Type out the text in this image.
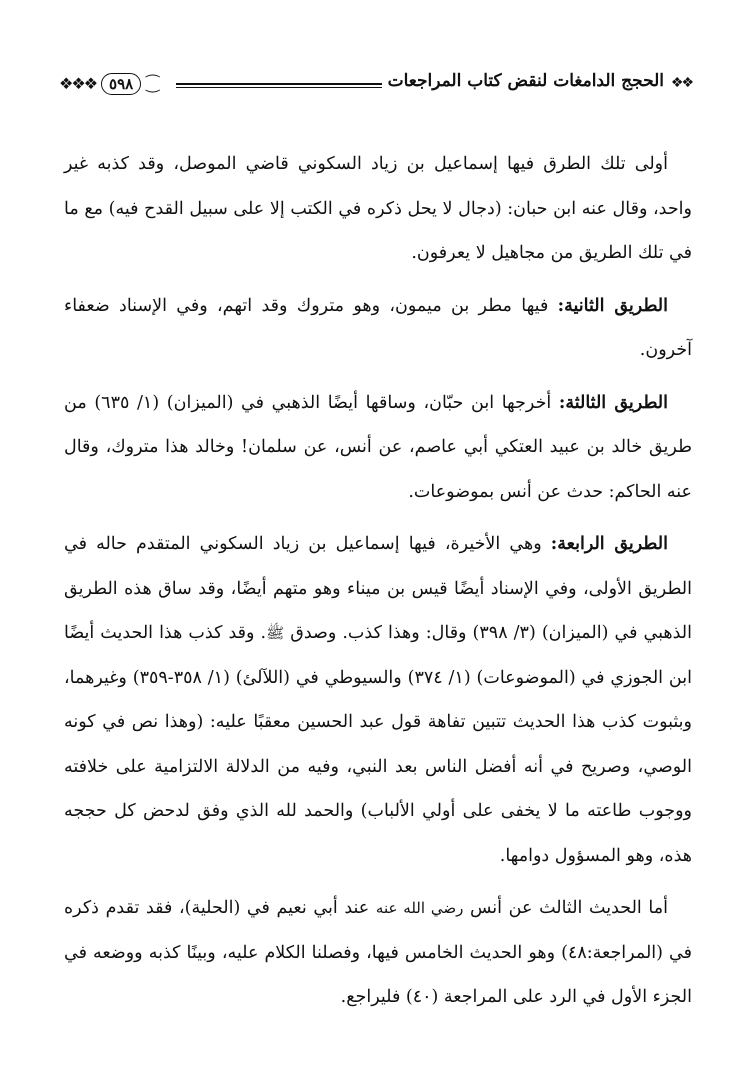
❖❖❖ ٥٩٨ ⁐	الحجج الدامغات لنقض كتاب المراجعات ❖❖

أولى تلك الطرق فيها إسماعيل بن زياد السكوني قاضي الموصل، وقد كذبه غير واحد، وقال عنه ابن حبان: (دجال لا يحل ذكره في الكتب إلا على سبيل القدح فيه) مع ما في تلك الطريق من مجاهيل لا يعرفون.

الطريق الثانية: فيها مطر بن ميمون، وهو متروك وقد اتهم، وفي الإسناد ضعفاء آخرون.

الطريق الثالثة: أخرجها ابن حبّان، وساقها أيضًا الذهبي في (الميزان) (١/ ٦٣٥) من طريق خالد بن عبيد العتكي أبي عاصم، عن أنس، عن سلمان! وخالد هذا متروك، وقال عنه الحاكم: حدث عن أنس بموضوعات.

الطريق الرابعة: وهي الأخيرة، فيها إسماعيل بن زياد السكوني المتقدم حاله في الطريق الأولى، وفي الإسناد أيضًا قيس بن ميناء وهو متهم أيضًا، وقد ساق هذه الطريق الذهبي في (الميزان) (٣/ ٣٩٨) وقال: وهذا كذب. وصدق ﷺ. وقد كذب هذا الحديث أيضًا ابن الجوزي في (الموضوعات) (١/ ٣٧٤) والسيوطي في (اللآلئ) (١/ ٣٥٨-٣٥٩) وغيرهما، وبثبوت كذب هذا الحديث تتبين تفاهة قول عبد الحسين معقبًا عليه: (وهذا نص في كونه الوصي، وصريح في أنه أفضل الناس بعد النبي، وفيه من الدلالة الالتزامية على خلافته ووجوب طاعته ما لا يخفى على أولي الألباب) والحمد لله الذي وفق لدحض كل حججه هذه، وهو المسؤول دوامها.

أما الحديث الثالث عن أنس رضي الله عنه عند أبي نعيم في (الحلية)، فقد تقدم ذكره في (المراجعة:٤٨) وهو الحديث الخامس فيها، وفصلنا الكلام عليه، وبينًا كذبه ووضعه في الجزء الأول في الرد على المراجعة (٤٠) فليراجع.
